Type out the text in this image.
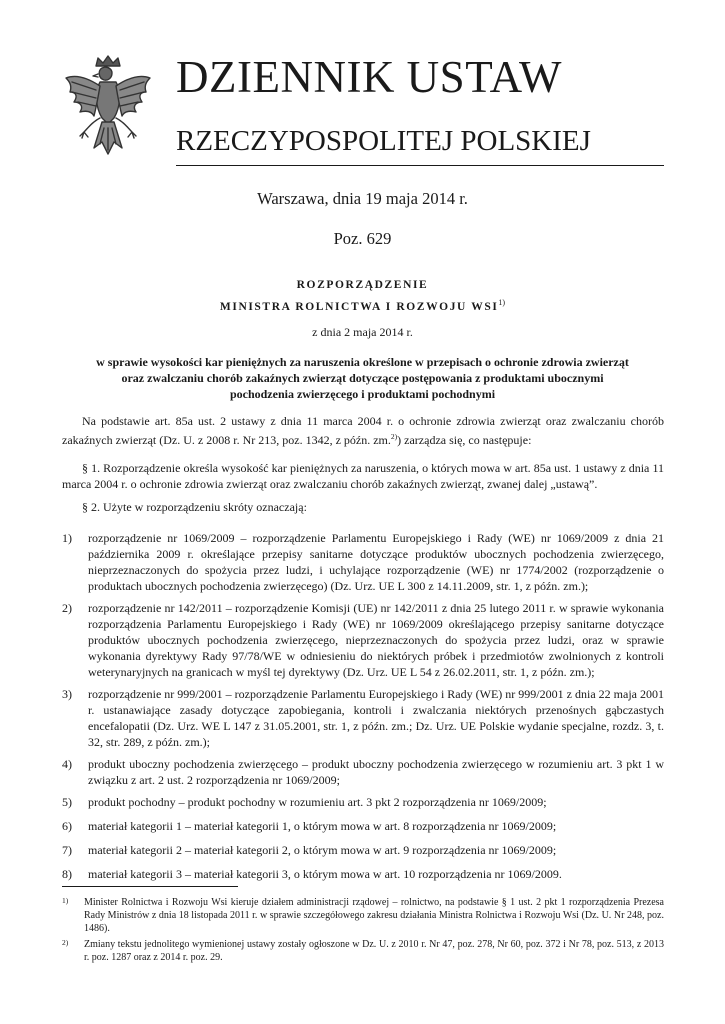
DZIENNIK USTAW
RZECZYPOSPOLITEJ POLSKIEJ
Warszawa, dnia 19 maja 2014 r.
Poz. 629
ROZPORZĄDZENIE
MINISTRA ROLNICTWA I ROZWOJU WSI$^{1)}$
z dnia 2 maja 2014 r.
w sprawie wysokości kar pieniężnych za naruszenia określone w przepisach o ochronie zdrowia zwierząt
oraz zwalczaniu chorób zakaźnych zwierząt dotyczące postępowania z produktami ubocznymi
pochodzenia zwierzęcego i produktami pochodnymi
Na podstawie art. 85a ust. 2 ustawy z dnia 11 marca 2004 r. o ochronie zdrowia zwierząt oraz zwalczaniu chorób zakaźnych zwierząt (Dz. U. z 2008 r. Nr 213, poz. 1342, z późn. zm.$^{2)}$) zarządza się, co następuje:
§ 1. Rozporządzenie określa wysokość kar pieniężnych za naruszenia, o których mowa w art. 85a ust. 1 ustawy z dnia 11 marca 2004 r. o ochronie zdrowia zwierząt oraz zwalczaniu chorób zakaźnych zwierząt, zwanej dalej „ustawą”.
§ 2. Użyte w rozporządzeniu skróty oznaczają:
1)	rozporządzenie nr 1069/2009 – rozporządzenie Parlamentu Europejskiego i Rady (WE) nr 1069/2009 z dnia 21 października 2009 r. określające przepisy sanitarne dotyczące produktów ubocznych pochodzenia zwierzęcego, nieprzeznaczonych do spożycia przez ludzi, i uchylające rozporządzenie (WE) nr 1774/2002 (rozporządzenie o produktach ubocznych pochodzenia zwierzęcego) (Dz. Urz. UE L 300 z 14.11.2009, str. 1, z późn. zm.);
2)	rozporządzenie nr 142/2011 – rozporządzenie Komisji (UE) nr 142/2011 z dnia 25 lutego 2011 r. w sprawie wykonania rozporządzenia Parlamentu Europejskiego i Rady (WE) nr 1069/2009 określającego przepisy sanitarne dotyczące produktów ubocznych pochodzenia zwierzęcego, nieprzeznaczonych do spożycia przez ludzi, oraz w sprawie wykonania dyrektywy Rady 97/78/WE w odniesieniu do niektórych próbek i przedmiotów zwolnionych z kontroli weterynaryjnych na granicach w myśl tej dyrektywy (Dz. Urz. UE L 54 z 26.02.2011, str. 1, z późn. zm.);
3)	rozporządzenie nr 999/2001 – rozporządzenie Parlamentu Europejskiego i Rady (WE) nr 999/2001 z dnia 22 maja 2001 r. ustanawiające zasady dotyczące zapobiegania, kontroli i zwalczania niektórych przenośnych gąbczastych encefalopatii (Dz. Urz. WE L 147 z 31.05.2001, str. 1, z późn. zm.; Dz. Urz. UE Polskie wydanie specjalne, rozdz. 3, t. 32, str. 289, z późn. zm.);
4)	produkt uboczny pochodzenia zwierzęcego – produkt uboczny pochodzenia zwierzęcego w rozumieniu art. 3 pkt 1 w związku z art. 2 ust. 2 rozporządzenia nr 1069/2009;
5)	produkt pochodny – produkt pochodny w rozumieniu art. 3 pkt 2 rozporządzenia nr 1069/2009;
6)	materiał kategorii 1 – materiał kategorii 1, o którym mowa w art. 8 rozporządzenia nr 1069/2009;
7)	materiał kategorii 2 – materiał kategorii 2, o którym mowa w art. 9 rozporządzenia nr 1069/2009;
8)	materiał kategorii 3 – materiał kategorii 3, o którym mowa w art. 10 rozporządzenia nr 1069/2009.
1) Minister Rolnictwa i Rozwoju Wsi kieruje działem administracji rządowej – rolnictwo, na podstawie § 1 ust. 2 pkt 1 rozporządzenia Prezesa Rady Ministrów z dnia 18 listopada 2011 r. w sprawie szczegółowego zakresu działania Ministra Rolnictwa i Rozwoju Wsi (Dz. U. Nr 248, poz. 1486).
2) Zmiany tekstu jednolitego wymienionej ustawy zostały ogłoszone w Dz. U. z 2010 r. Nr 47, poz. 278, Nr 60, poz. 372 i Nr 78, poz. 513, z 2013 r. poz. 1287 oraz z 2014 r. poz. 29.
